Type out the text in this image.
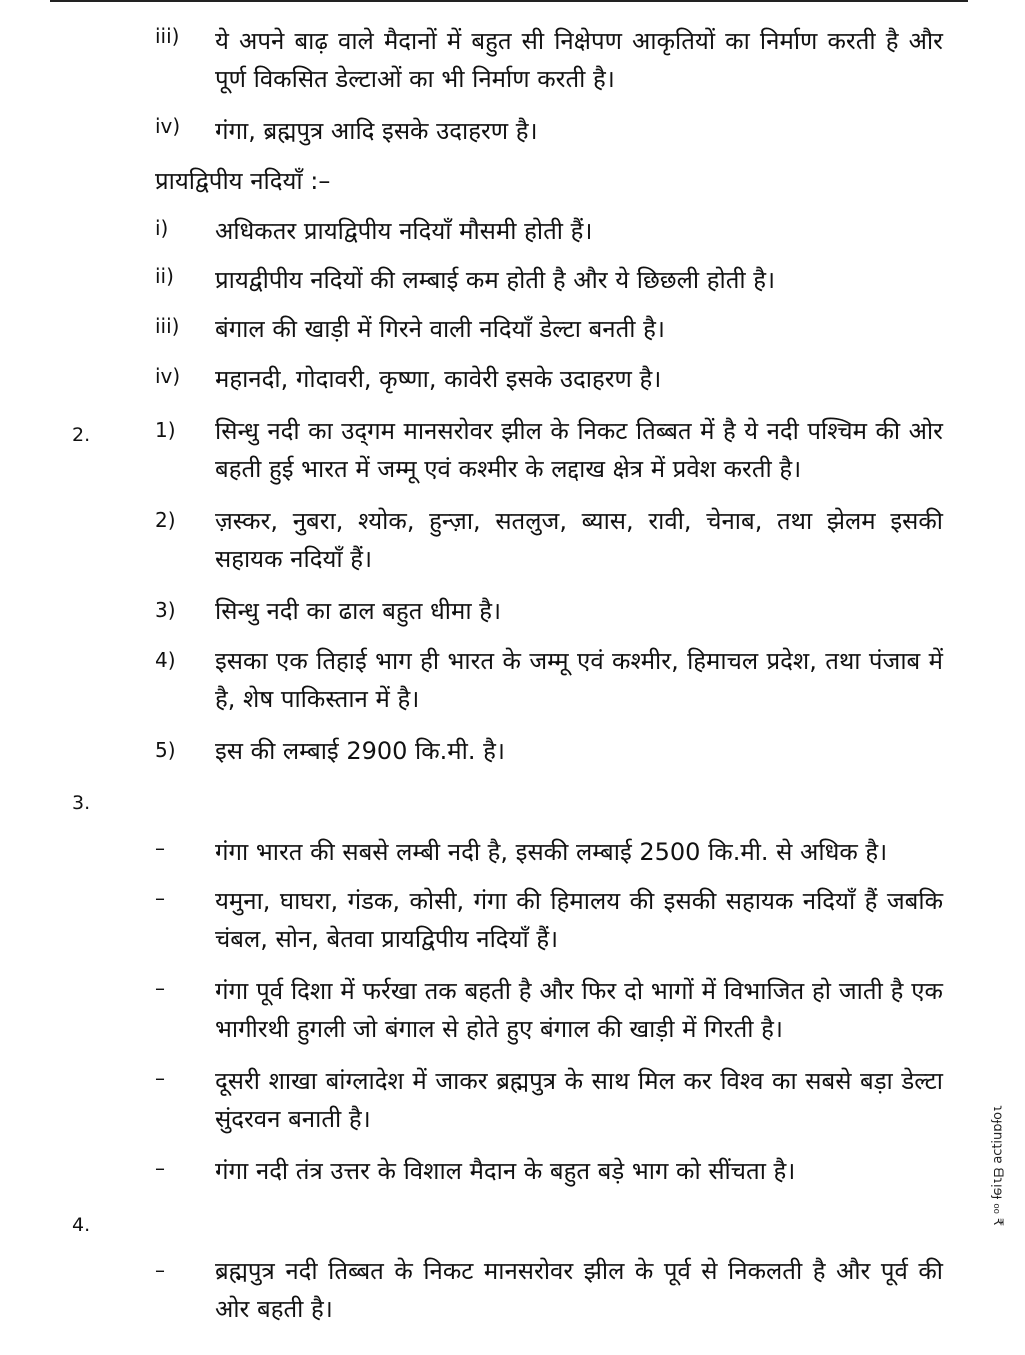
iii) ये अपने बाढ़ वाले मैदानों में बहुत सी निक्षेपण आकृतियों का निर्माण करती है और पूर्ण विकसित डेल्टाओं का भी निर्माण करती है।
iv) गंगा, ब्रह्मपुत्र आदि इसके उदाहरण है।
प्रायद्विपीय नदियाँ :–
i) अधिकतर प्रायद्विपीय नदियाँ मौसमी होती हैं।
ii) प्रायद्वीपीय नदियों की लम्बाई कम होती है और ये छिछली होती है।
iii) बंगाल की खाड़ी में गिरने वाली नदियाँ डेल्टा बनती है।
iv) महानदी, गोदावरी, कृष्णा, कावेरी इसके उदाहरण है।
2.	1) सिन्धु नदी का उद्‌गम मानसरोवर झील के निकट तिब्बत में है ये नदी पश्चिम की ओर बहती हुई भारत में जम्मू एवं कश्मीर के लद्दाख क्षेत्र में प्रवेश करती है।
2) ज़स्कर, नुबरा, श्योक, हुन्ज़ा, सतलुज, ब्यास, रावी, चेनाब, तथा झेलम इसकी सहायक नदियाँ हैं।
3) सिन्धु नदी का ढाल बहुत धीमा है।
4) इसका एक तिहाई भाग ही भारत के जम्मू एवं कश्मीर, हिमाचल प्रदेश, तथा पंजाब में है, शेष पाकिस्तान में है।
5) इस की लम्बाई 2900 कि.मी. है।
3.
– गंगा भारत की सबसे लम्बी नदी है, इसकी लम्बाई 2500 कि.मी. से अधिक है।
– यमुना, घाघरा, गंडक, कोसी, गंगा की हिमालय की इसकी सहायक नदियाँ हैं जबकि चंबल, सोन, बेतवा प्रायद्विपीय नदियाँ हैं।
– गंगा पूर्व दिशा में फर्रखा तक बहती है और फिर दो भागों में विभाजित हो जाती है एक भागीरथी हुगली जो बंगाल से होते हुए बंगाल की खाड़ी में गिरती है।
– दूसरी शाखा बांग्लादेश में जाकर ब्रह्मपुत्र के साथ मिल कर विश्व का सबसे बड़ा डेल्टा सुंदरवन बनाती है।
– गंगा नदी तंत्र उत्तर के विशाल मैदान के बहुत बड़े भाग को सींचता है।
4.
– ब्रह्मपुत्र नदी तिब्बत के निकट मानसरोवर झील के पूर्व से निकलती है और पूर्व की ओर बहती है।
ɿoɟɑnᴉʇɔɐ ᗺɿᴉɘɟ ₀₀ ₹
